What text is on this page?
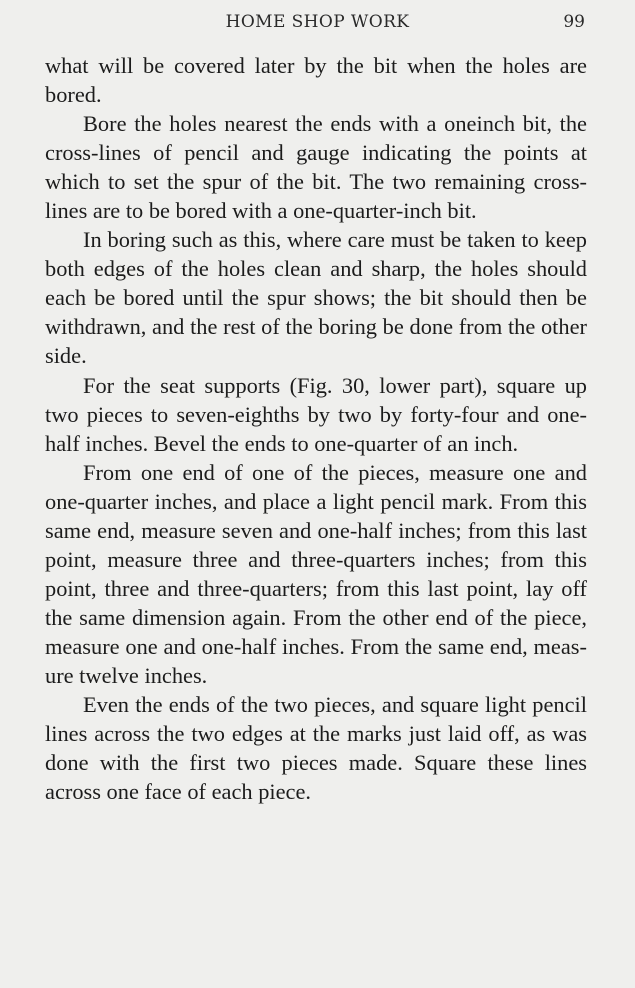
HOME SHOP WORK	99

what will be covered later by the bit when the holes are bored.

Bore the holes nearest the ends with a oneinch bit, the cross-lines of pencil and gauge indicating the points at which to set the spur of the bit. The two remaining cross-lines are to be bored with a one-quarter-inch bit.

In boring such as this, where care must be taken to keep both edges of the holes clean and sharp, the holes should each be bored until the spur shows; the bit should then be withdrawn, and the rest of the boring be done from the other side.

For the seat supports (Fig. 30, lower part), square up two pieces to seven-eighths by two by forty-four and one-half inches. Bevel the ends to one-quarter of an inch.

From one end of one of the pieces, measure one and one-quarter inches, and place a light pencil mark. From this same end, measure seven and one-half inches; from this last point, measure three and three-quarters inches; from this point, three and three-quarters; from this last point, lay off the same dimension again. From the other end of the piece, measure one and one-half inches. From the same end, measure twelve inches.

Even the ends of the two pieces, and square light pencil lines across the two edges at the marks just laid off, as was done with the first two pieces made. Square these lines across one face of each piece.
